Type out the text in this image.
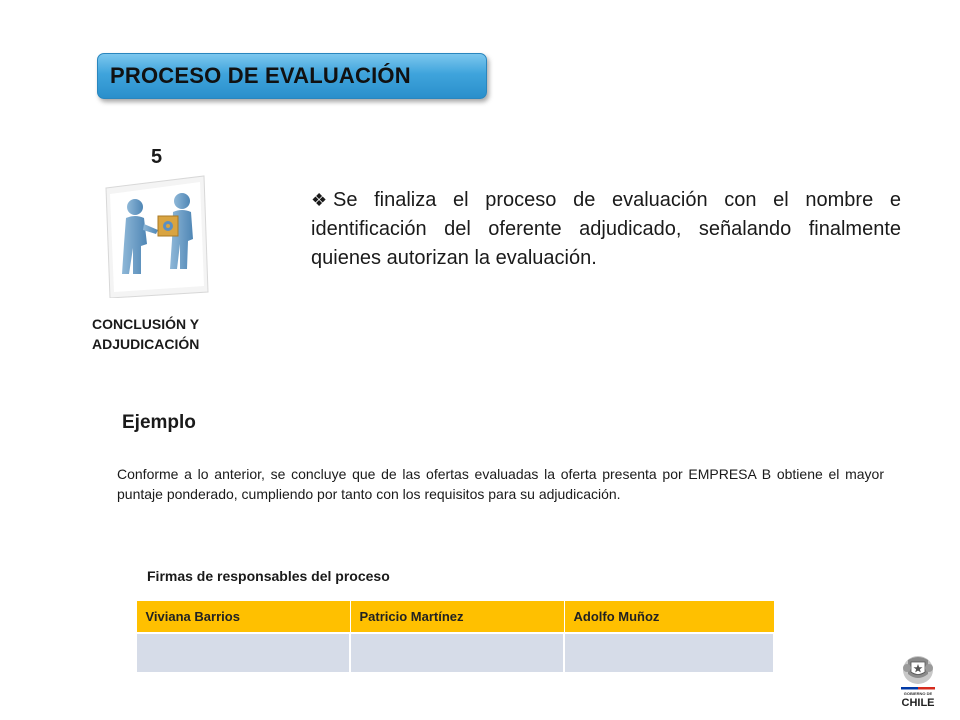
PROCESO DE EVALUACIÓN
5
CONCLUSIÓN Y
ADJUDICACIÓN
❖ Se finaliza el proceso de evaluación con el nombre e identificación del oferente adjudicado, señalando finalmente quienes autorizan la evaluación.
Ejemplo
Conforme a lo anterior, se concluye que de las ofertas evaluadas la oferta presenta por EMPRESA B obtiene el mayor puntaje ponderado, cumpliendo por tanto con los requisitos para su adjudicación.
Firmas de responsables del proceso
Viviana Barrios	Patricio Martínez	Adolfo Muñoz

GOBIERNO DE
CHILE
